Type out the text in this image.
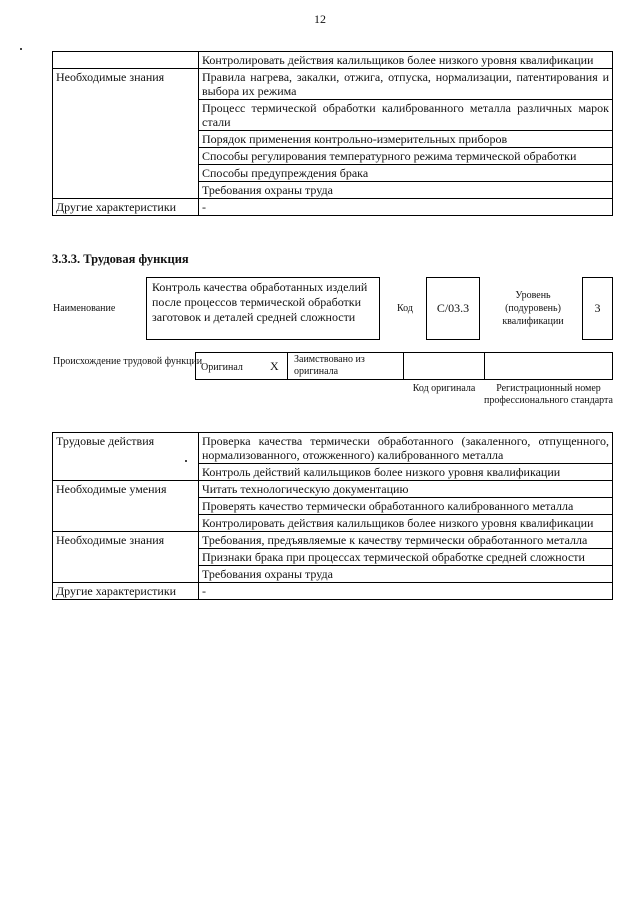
12
	Контролировать действия калильщиков более низкого уровня квалификации
Необходимые знания	Правила нагрева, закалки, отжига, отпуска, нормализации, патентирования и выбора их режима
	Процесс термической обработки калиброванного металла различных марок стали
	Порядок применения контрольно-измерительных приборов
	Способы регулирования температурного режима термической обработки
	Способы предупреждения брака
	Требования охраны труда
Другие характеристики	-
3.3.3. Трудовая функция
Наименование
Контроль качества обработанных изделий после процессов термической обработки заготовок и деталей средней сложности
Код	C/03.3
Уровень (подуровень) квалификации
3
Происхождение трудовой функции
Оригинал X	Заимствовано из оригинала
Код оригинала	Регистрационный номер профессионального стандарта
Трудовые действия	Проверка качества термически обработанного (закаленного, отпущенного, нормализованного, отожженного) калиброванного металла
	Контроль действий калильщиков более низкого уровня квалификации
Необходимые умения	Читать технологическую документацию
	Проверять качество термически обработанного калиброванного металла
	Контролировать действия калильщиков более низкого уровня квалификации
Необходимые знания	Требования, предъявляемые к качеству термически обработанного металла
	Признаки брака при процессах термической обработке средней сложности
	Требования охраны труда
Другие характеристики	-
